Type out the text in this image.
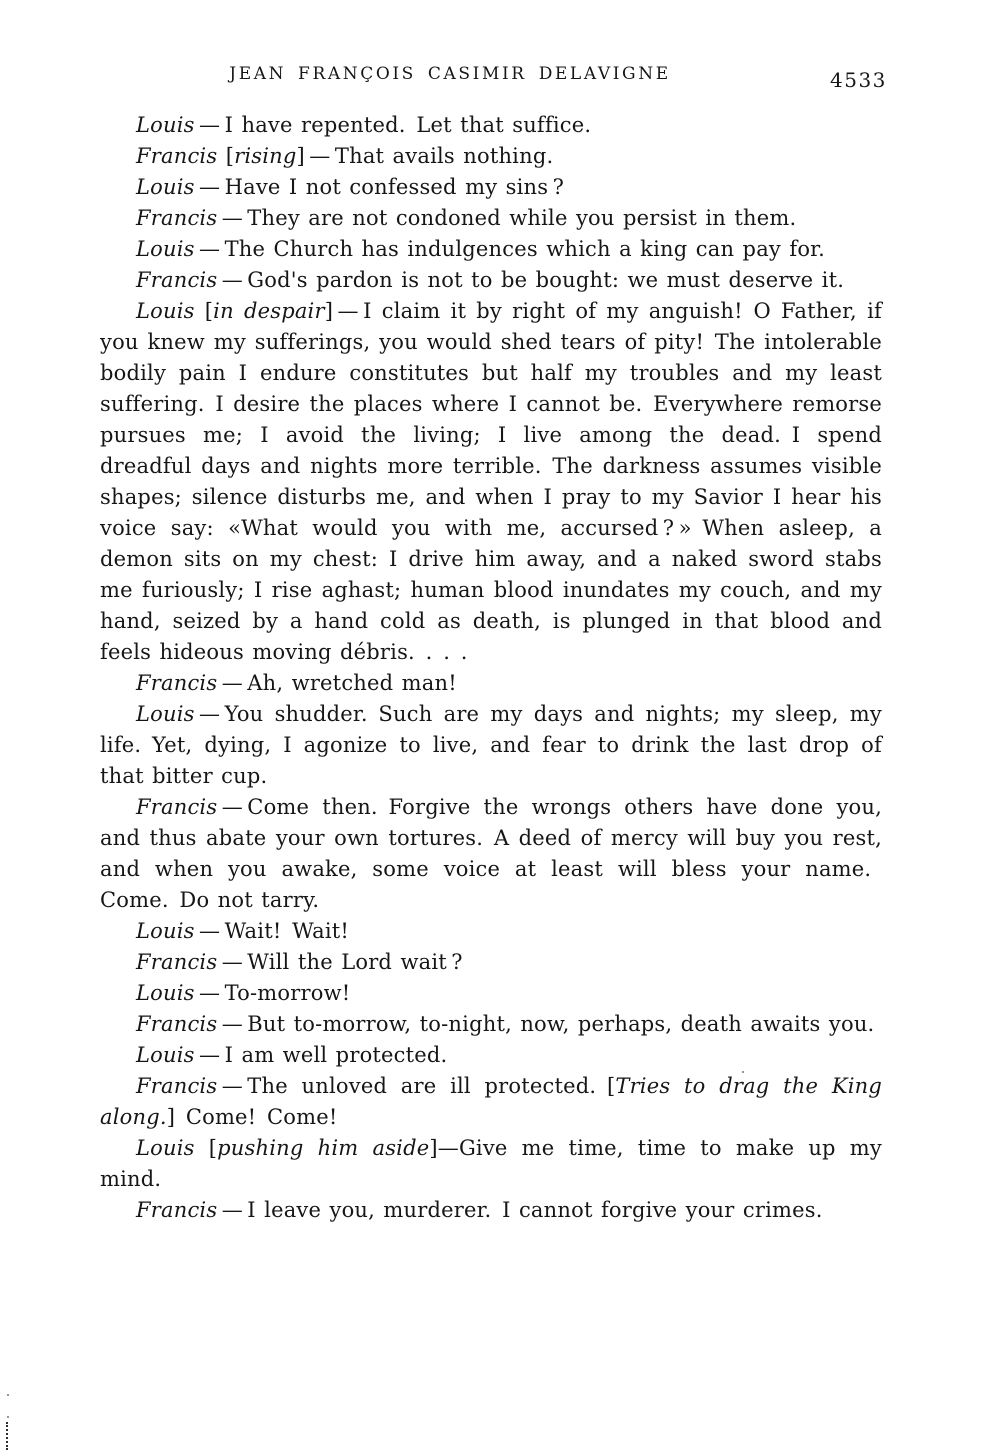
JEAN FRANÇOIS CASIMIR DELAVIGNE	4533

Louis — I have repented. Let that suffice.

Francis [rising] — That avails nothing.

Louis — Have I not confessed my sins ?

Francis — They are not condoned while you persist in them.

Louis — The Church has indulgences which a king can pay for.

Francis — God's pardon is not to be bought: we must deserve it.

Louis [in despair] — I claim it by right of my anguish! O Father, if you knew my sufferings, you would shed tears of pity! The intolerable bodily pain I endure constitutes but half my troubles and my least suffering. I desire the places where I cannot be. Everywhere remorse pursues me; I avoid the living; I live among the dead. I spend dreadful days and nights more terrible. The darkness assumes visible shapes; silence disturbs me, and when I pray to my Savior I hear his voice say: «What would you with me, accursed ? » When asleep, a demon sits on my chest: I drive him away, and a naked sword stabs me furiously; I rise aghast; human blood inundates my couch, and my hand, seized by a hand cold as death, is plunged in that blood and feels hideous moving débris. . . .

Francis — Ah, wretched man!

Louis — You shudder. Such are my days and nights; my sleep, my life. Yet, dying, I agonize to live, and fear to drink the last drop of that bitter cup.

Francis — Come then. Forgive the wrongs others have done you, and thus abate your own tortures. A deed of mercy will buy you rest, and when you awake, some voice at least will bless your name. Come. Do not tarry.

Louis — Wait! Wait!

Francis — Will the Lord wait ?

Louis — To-morrow!

Francis — But to-morrow, to-night, now, perhaps, death awaits you.

Louis — I am well protected.

Francis — The unloved are ill protected. [Tries to drag the King along.] Come! Come!

Louis [pushing him aside]—Give me time, time to make up my mind.

Francis — I leave you, murderer. I cannot forgive your crimes.
